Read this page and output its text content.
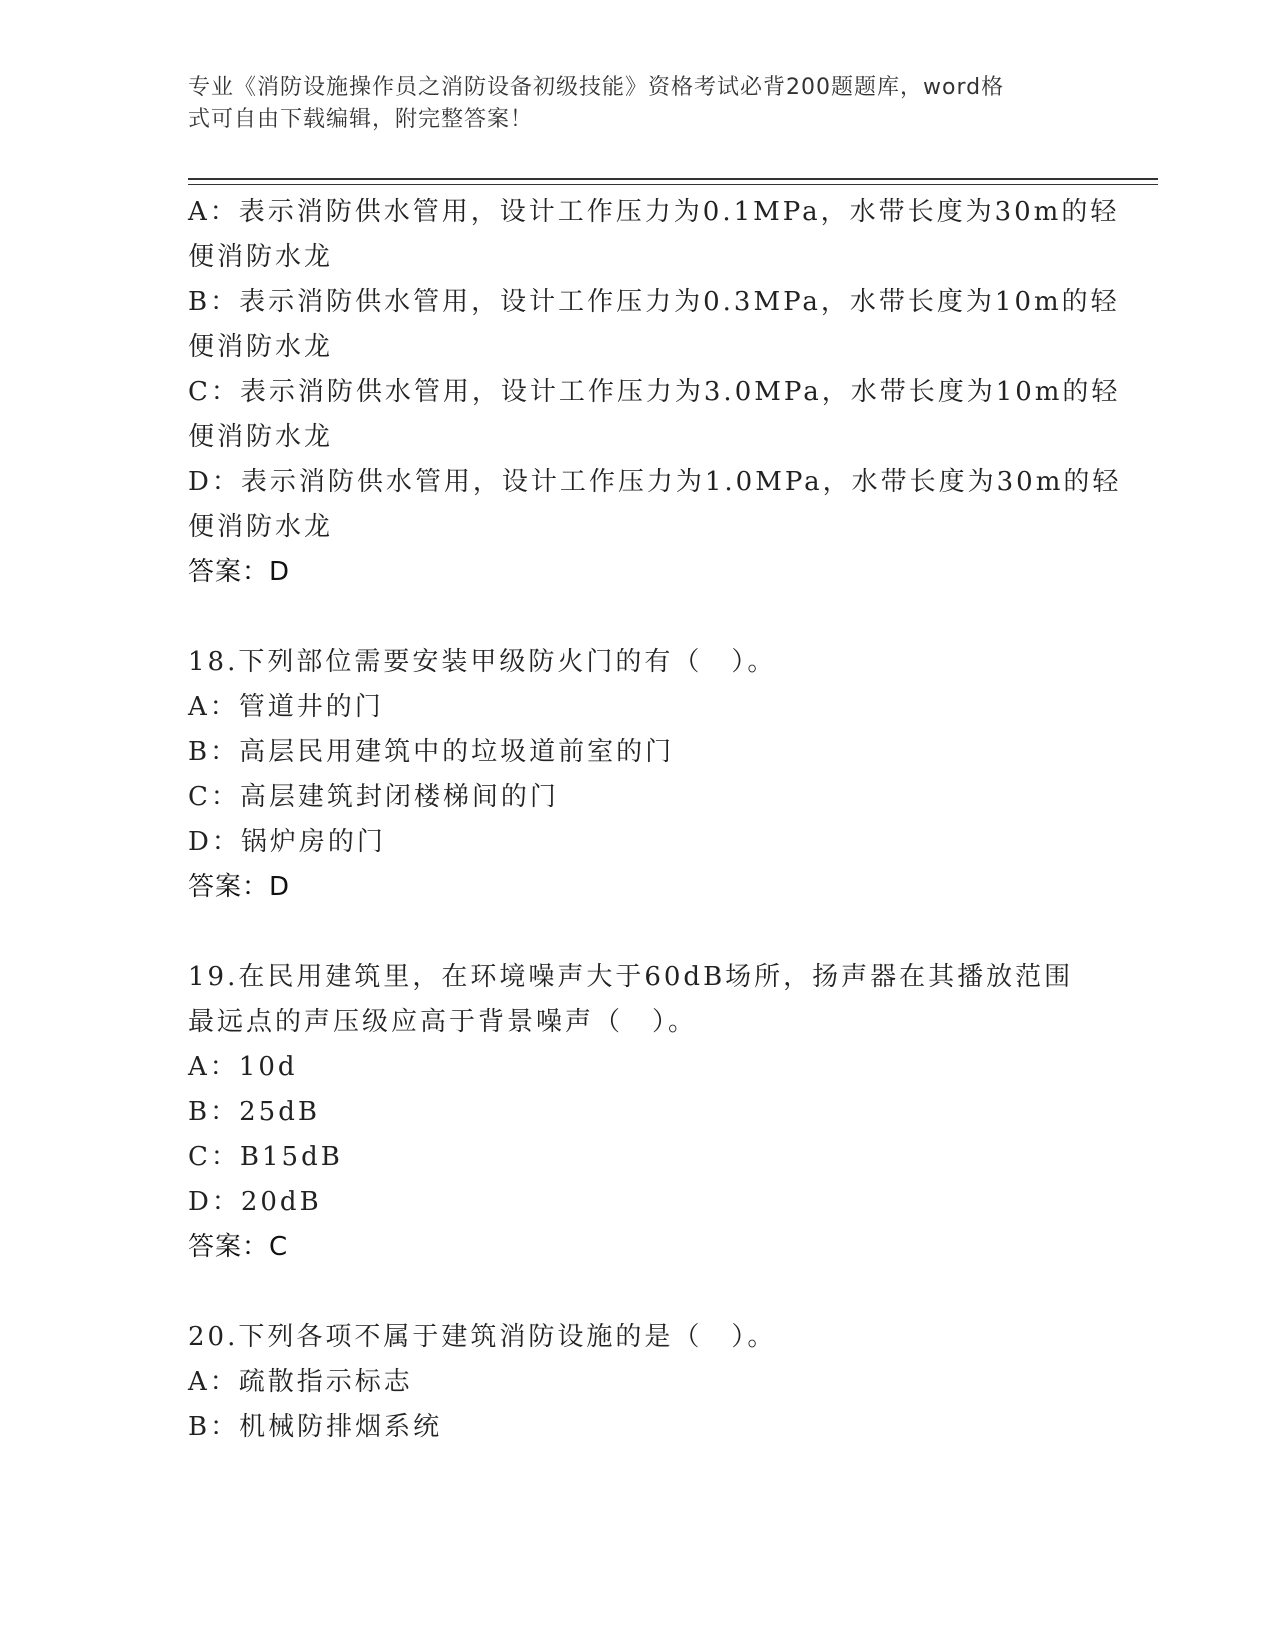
专业《消防设施操作员之消防设备初级技能》资格考试必背200题题库，word格
式可自由下载编辑，附完整答案！
A：表示消防供水管用，设计工作压力为0.1MPa，水带长度为30m的轻
便消防水龙
B：表示消防供水管用，设计工作压力为0.3MPa，水带长度为10m的轻
便消防水龙
C：表示消防供水管用，设计工作压力为3.0MPa，水带长度为10m的轻
便消防水龙
D：表示消防供水管用，设计工作压力为1.0MPa，水带长度为30m的轻
便消防水龙
答案：D
18.下列部位需要安装甲级防火门的有（　）。
A：管道井的门
B：高层民用建筑中的垃圾道前室的门
C：高层建筑封闭楼梯间的门
D：锅炉房的门
答案：D
19.在民用建筑里，在环境噪声大于60dB场所，扬声器在其播放范围
最远点的声压级应高于背景噪声（　）。
A：10d
B：25dB
C：B15dB
D：20dB
答案：C
20.下列各项不属于建筑消防设施的是（　）。
A：疏散指示标志
B：机械防排烟系统
